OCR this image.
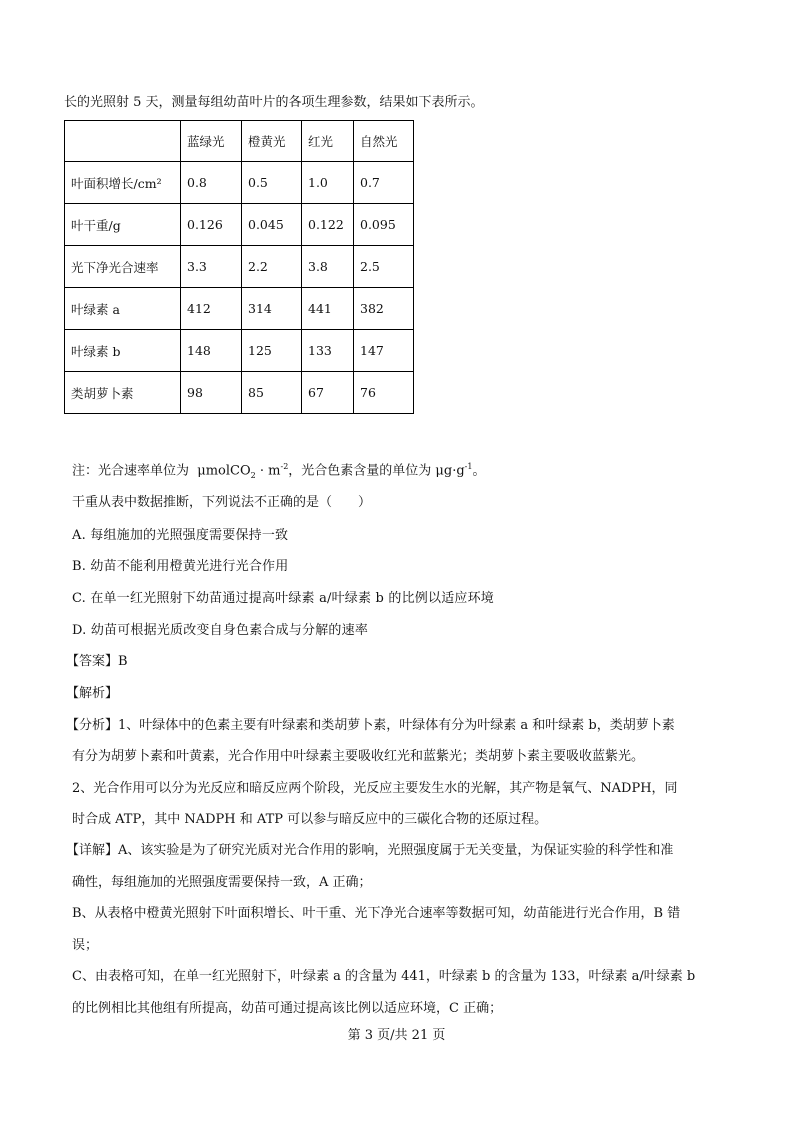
长的光照射 5 天，测量每组幼苗叶片的各项生理参数，结果如下表所示。
	蓝绿光	橙黄光	红光	自然光
叶面积增长/cm²	0.8	0.5	1.0	0.7
叶干重/g	0.126	0.045	0.122	0.095
光下净光合速率	3.3	2.2	3.8	2.5
叶绿素 a	412	314	441	382
叶绿素 b	148	125	133	147
类胡萝卜素	98	85	67	76
注：光合速率单位为 μmolCO$_2$ · $m^{-2}$，光合色素含量的单位为 $\mu g\cdot g^{-1}$。
干重从表中数据推断，下列说法不正确的是（　　）
A. 每组施加的光照强度需要保持一致
B. 幼苗不能利用橙黄光进行光合作用
C. 在单一红光照射下幼苗通过提高叶绿素 a/叶绿素 b 的比例以适应环境
D. 幼苗可根据光质改变自身色素合成与分解的速率
【答案】B
【解析】
【分析】1、叶绿体中的色素主要有叶绿素和类胡萝卜素，叶绿体有分为叶绿素 a 和叶绿素 b，类胡萝卜素
有分为胡萝卜素和叶黄素，光合作用中叶绿素主要吸收红光和蓝紫光；类胡萝卜素主要吸收蓝紫光。
2、光合作用可以分为光反应和暗反应两个阶段，光反应主要发生水的光解，其产物是氧气、NADPH，同
时合成 ATP，其中 NADPH 和 ATP 可以参与暗反应中的三碳化合物的还原过程。
【详解】A、该实验是为了研究光质对光合作用的影响，光照强度属于无关变量，为保证实验的科学性和准
确性，每组施加的光照强度需要保持一致，A 正确；
B、从表格中橙黄光照射下叶面积增长、叶干重、光下净光合速率等数据可知，幼苗能进行光合作用，B 错
误；
C、由表格可知，在单一红光照射下，叶绿素 a 的含量为 441，叶绿素 b 的含量为 133，叶绿素 a/叶绿素 b
的比例相比其他组有所提高，幼苗可通过提高该比例以适应环境，C 正确；
第 3 页/共 21 页
